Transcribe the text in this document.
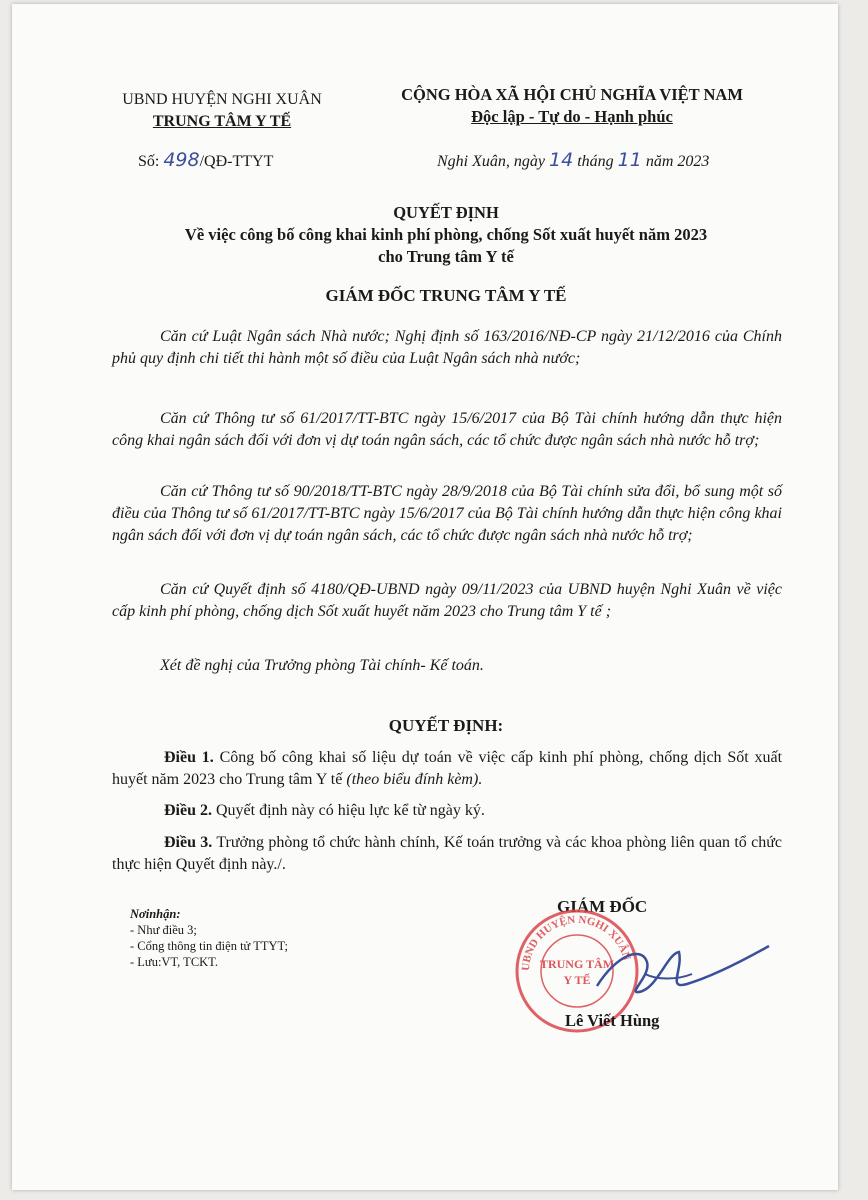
UBND HUYỆN NGHI XUÂN
TRUNG TÂM Y TẾ
CỘNG HÒA XÃ HỘI CHỦ NGHĨA VIỆT NAM
Độc lập - Tự do - Hạnh phúc
Số: 498/QĐ-TTYT	Nghi Xuân, ngày 14 tháng 11 năm 2023
QUYẾT ĐỊNH
Về việc công bố công khai kinh phí phòng, chống Sốt xuất huyết năm 2023
cho Trung tâm Y tế
GIÁM ĐỐC TRUNG TÂM Y TẾ

Căn cứ Luật Ngân sách Nhà nước; Nghị định số 163/2016/NĐ-CP ngày 21/12/2016 của Chính phủ quy định chi tiết thi hành một số điều của Luật Ngân sách nhà nước;

Căn cứ Thông tư số 61/2017/TT-BTC ngày 15/6/2017 của Bộ Tài chính hướng dẫn thực hiện công khai ngân sách đối với đơn vị dự toán ngân sách, các tổ chức được ngân sách nhà nước hỗ trợ;

Căn cứ Thông tư số 90/2018/TT-BTC ngày 28/9/2018 của Bộ Tài chính sửa đổi, bổ sung một số điều của Thông tư số 61/2017/TT-BTC ngày 15/6/2017 của Bộ Tài chính hướng dẫn thực hiện công khai ngân sách đối với đơn vị dự toán ngân sách, các tổ chức được ngân sách nhà nước hỗ trợ;

Căn cứ Quyết định số 4180/QĐ-UBND ngày 09/11/2023 của UBND huyện Nghi Xuân về việc cấp kinh phí phòng, chống dịch Sốt xuất huyết năm 2023 cho Trung tâm Y tế ;

Xét đề nghị của Trưởng phòng Tài chính- Kế toán.

QUYẾT ĐỊNH:

Điều 1. Công bố công khai số liệu dự toán về việc cấp kinh phí phòng, chống dịch Sốt xuất huyết năm 2023 cho Trung tâm Y tế (theo biểu đính kèm).

Điều 2. Quyết định này có hiệu lực kể từ ngày ký.

Điều 3. Trưởng phòng tổ chức hành chính, Kế toán trưởng và các khoa phòng liên quan tổ chức thực hiện Quyết định này./.

Nơinhận:
- Như điều 3;
- Cổng thông tin điện tử TTYT;
- Lưu:VT, TCKT.
GIÁM ĐỐC
UBND HUYỆN NGHI XUÂN
TRUNG TÂM
Y TẾ
Lê Viết Hùng
